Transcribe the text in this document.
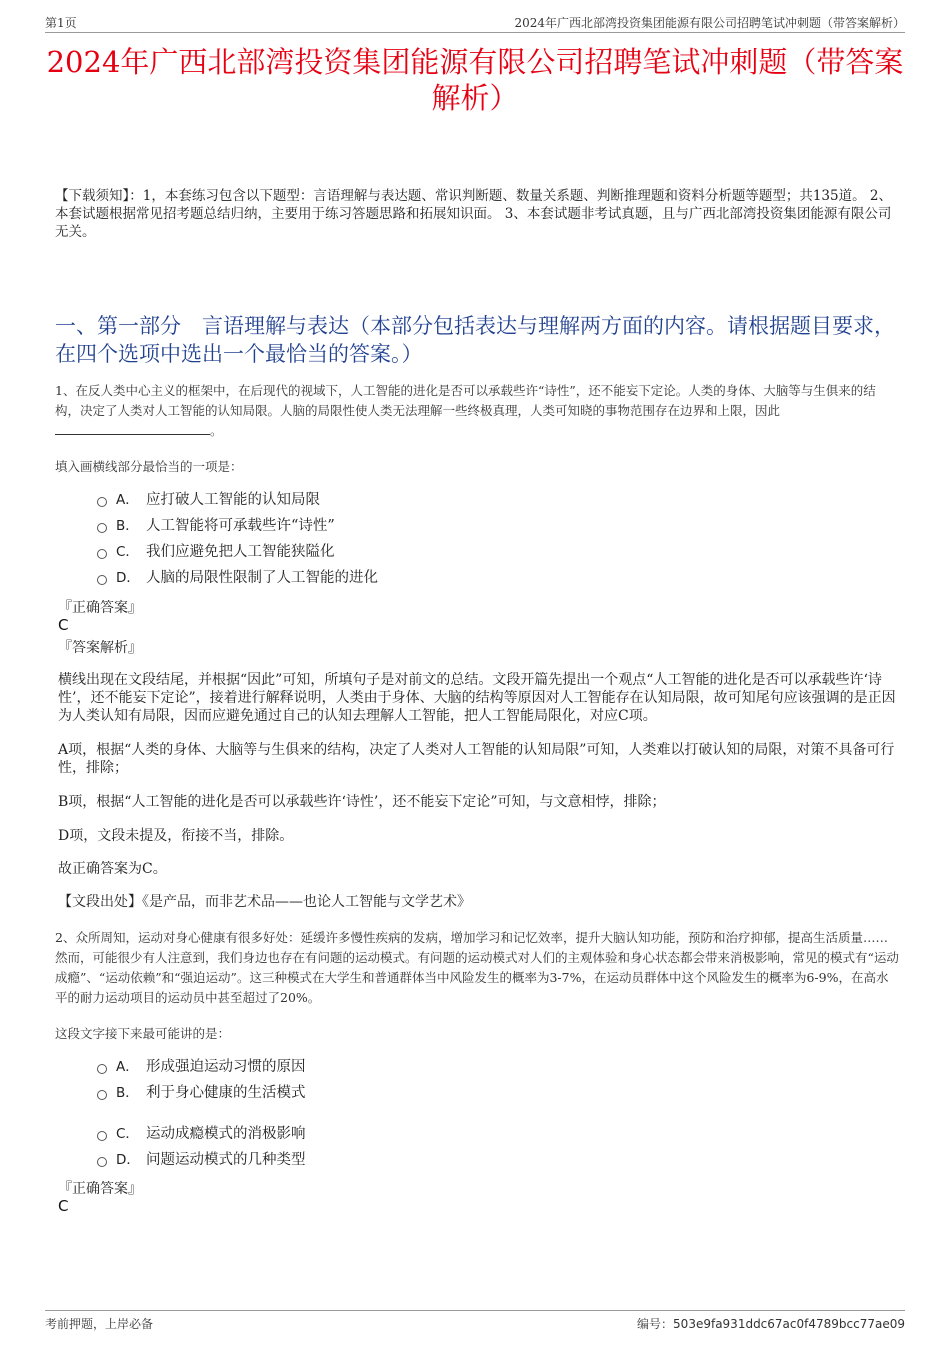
第1页	2024年广西北部湾投资集团能源有限公司招聘笔试冲刺题（带答案解析）
2024年广西北部湾投资集团能源有限公司招聘笔试冲刺题（带答案解析）
【下载须知】：1，本套练习包含以下题型：言语理解与表达题、常识判断题、数量关系题、判断推理题和资料分析题等题型；共135道。 2、本套试题根据常见招考题总结归纳，主要用于练习答题思路和拓展知识面。 3、本套试题非考试真题，且与广西北部湾投资集团能源有限公司无关。
一、第一部分　言语理解与表达（本部分包括表达与理解两方面的内容。请根据题目要求，在四个选项中选出一个最恰当的答案。）
1、在反人类中心主义的框架中，在后现代的视域下，人工智能的进化是否可以承载些许“诗性”，还不能妄下定论。人类的身体、大脑等与生俱来的结构，决定了人类对人工智能的认知局限。人脑的局限性使人类无法理解一些终极真理，人类可知晓的事物范围存在边界和上限，因此
。
填入画横线部分最恰当的一项是：
A． 应打破人工智能的认知局限
B． 人工智能将可承载些许“诗性”
C． 我们应避免把人工智能狭隘化
D． 人脑的局限性限制了人工智能的进化
『正确答案』
C
『答案解析』
横线出现在文段结尾，并根据“因此”可知，所填句子是对前文的总结。文段开篇先提出一个观点“人工智能的进化是否可以承载些许‘诗性’，还不能妄下定论”，接着进行解释说明，人类由于身体、大脑的结构等原因对人工智能存在认知局限，故可知尾句应该强调的是正因为人类认知有局限，因而应避免通过自己的认知去理解人工智能，把人工智能局限化，对应C项。
A项，根据“人类的身体、大脑等与生俱来的结构，决定了人类对人工智能的认知局限”可知，人类难以打破认知的局限，对策不具备可行性，排除；
B项，根据“人工智能的进化是否可以承载些许‘诗性’，还不能妄下定论”可知，与文意相悖，排除；
D项，文段未提及，衔接不当，排除。
故正确答案为C。
【文段出处】《是产品，而非艺术品——也论人工智能与文学艺术》
2、众所周知，运动对身心健康有很多好处：延缓许多慢性疾病的发病，增加学习和记忆效率，提升大脑认知功能，预防和治疗抑郁，提高生活质量……然而，可能很少有人注意到，我们身边也存在有问题的运动模式。有问题的运动模式对人们的主观体验和身心状态都会带来消极影响，常见的模式有“运动成瘾”、“运动依赖”和“强迫运动”。这三种模式在大学生和普通群体当中风险发生的概率为3-7%，在运动员群体中这个风险发生的概率为6-9%，在高水平的耐力运动项目的运动员中甚至超过了20%。
这段文字接下来最可能讲的是：
A． 形成强迫运动习惯的原因
B． 利于身心健康的生活模式
C． 运动成瘾模式的消极影响
D． 问题运动模式的几种类型
『正确答案』
C
考前押题，上岸必备	编号：503e9fa931ddc67ac0f4789bcc77ae09
